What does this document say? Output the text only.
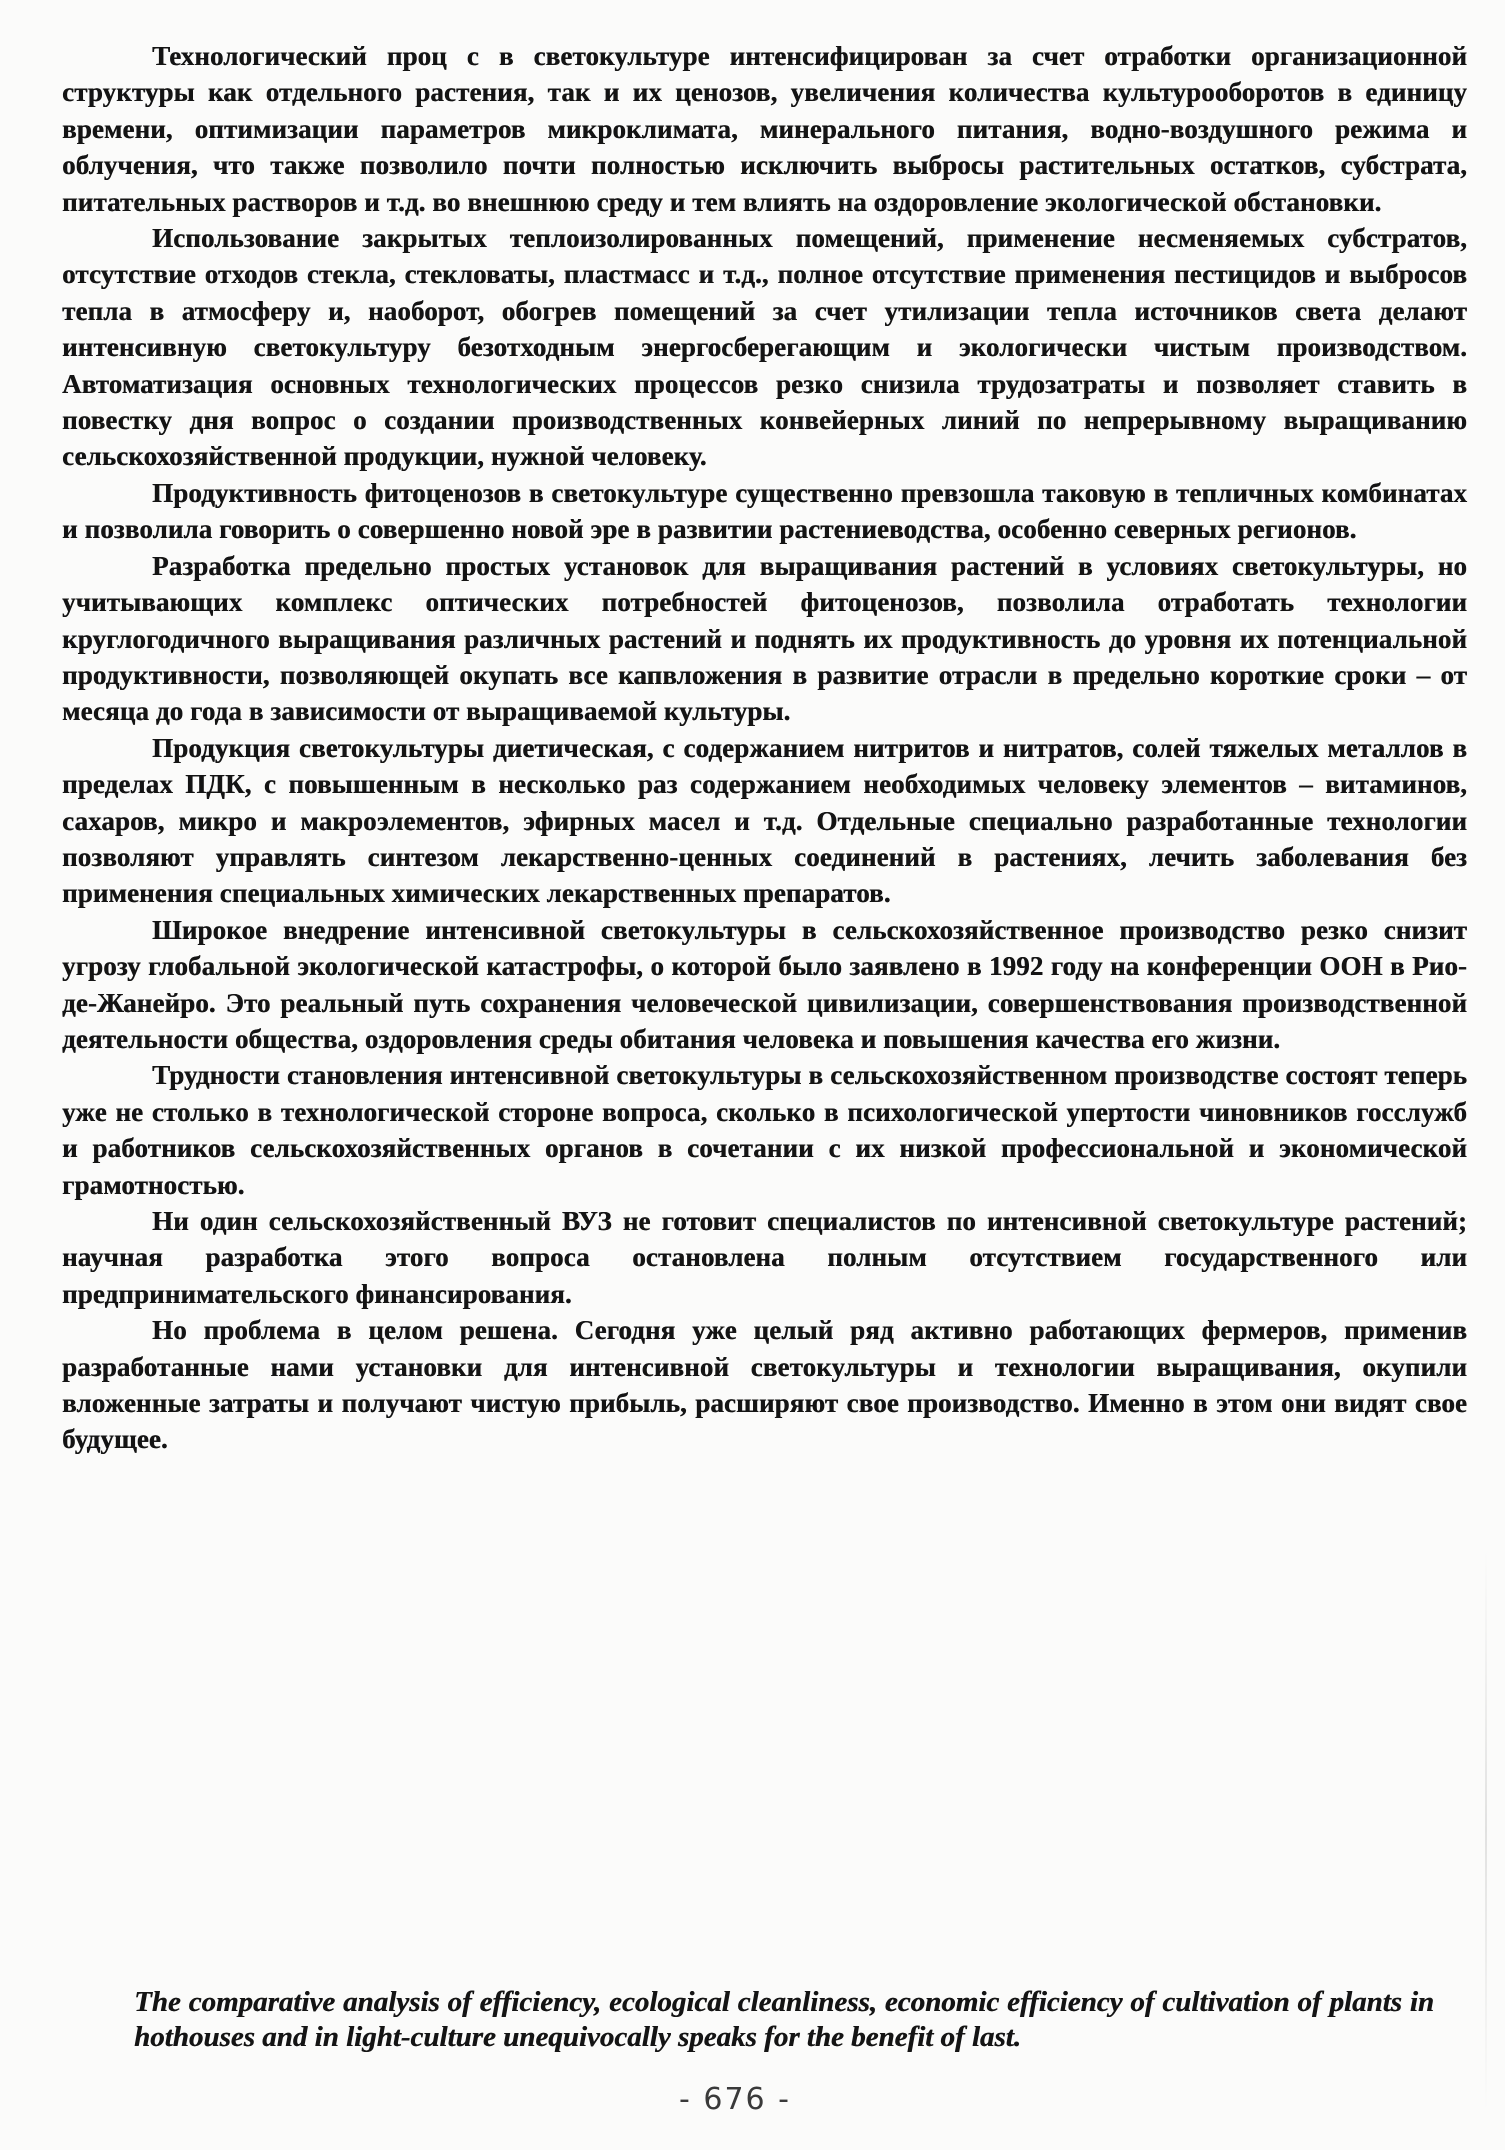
Технологический проц с в светокультуре интенсифицирован за счет отработки организационной структуры как отдельного растения, так и их ценозов, увеличения количества культурооборотов в единицу времени, оптимизации параметров микроклимата, минерального питания, водно-воздушного режима и облучения, что также позволило почти полностью исключить выбросы растительных остатков, субстрата, питательных растворов и т.д. во внешнюю среду и тем влиять на оздоровление экологической обстановки.

Использование закрытых теплоизолированных помещений, применение несменяемых субстратов, отсутствие отходов стекла, стекловаты, пластмасс и т.д., полное отсутствие применения пестицидов и выбросов тепла в атмосферу и, наоборот, обогрев помещений за счет утилизации тепла источников света делают интенсивную светокультуру безотходным энергосберегающим и экологически чистым производством. Автоматизация основных технологических процессов резко снизила трудозатраты и позволяет ставить в повестку дня вопрос о создании производственных конвейерных линий по непрерывному выращиванию сельскохозяйственной продукции, нужной человеку.

Продуктивность фитоценозов в светокультуре существенно превзошла таковую в тепличных комбинатах и позволила говорить о совершенно новой эре в развитии растениеводства, особенно северных регионов.

Разработка предельно простых установок для выращивания растений в условиях светокультуры, но учитывающих комплекс оптических потребностей фитоценозов, позволила отработать технологии круглогодичного выращивания различных растений и поднять их продуктивность до уровня их потенциальной продуктивности, позволяющей окупать все капвложения в развитие отрасли в предельно короткие сроки – от месяца до года в зависимости от выращиваемой культуры.

Продукция светокультуры диетическая, с содержанием нитритов и нитратов, солей тяжелых металлов в пределах ПДК, с повышенным в несколько раз содержанием необходимых человеку элементов – витаминов, сахаров, микро и макроэлементов, эфирных масел и т.д. Отдельные специально разработанные технологии позволяют управлять синтезом лекарственно-ценных соединений в растениях, лечить заболевания без применения специальных химических лекарственных препаратов.

Широкое внедрение интенсивной светокультуры в сельскохозяйственное производство резко снизит угрозу глобальной экологической катастрофы, о которой было заявлено в 1992 году на конференции ООН в Рио-де-Жанейро. Это реальный путь сохранения человеческой цивилизации, совершенствования производственной деятельности общества, оздоровления среды обитания человека и повышения качества его жизни.

Трудности становления интенсивной светокультуры в сельскохозяйственном производстве состоят теперь уже не столько в технологической стороне вопроса, сколько в психологической упертости чиновников госслужб и работников сельскохозяйственных органов в сочетании с их низкой профессиональной и экономической грамотностью.

Ни один сельскохозяйственный ВУЗ не готовит специалистов по интенсивной светокультуре растений; научная разработка этого вопроса остановлена полным отсутствием государственного или предпринимательского финансирования.

Но проблема в целом решена. Сегодня уже целый ряд активно работающих фермеров, применив разработанные нами установки для интенсивной светокультуры и технологии выращивания, окупили вложенные затраты и получают чистую прибыль, расширяют свое производство. Именно в этом они видят свое будущее.

The comparative analysis of efficiency, ecological cleanliness, economic efficiency of cultivation of plants in hothouses and in light-culture unequivocally speaks for the benefit of last.

- 676 -
